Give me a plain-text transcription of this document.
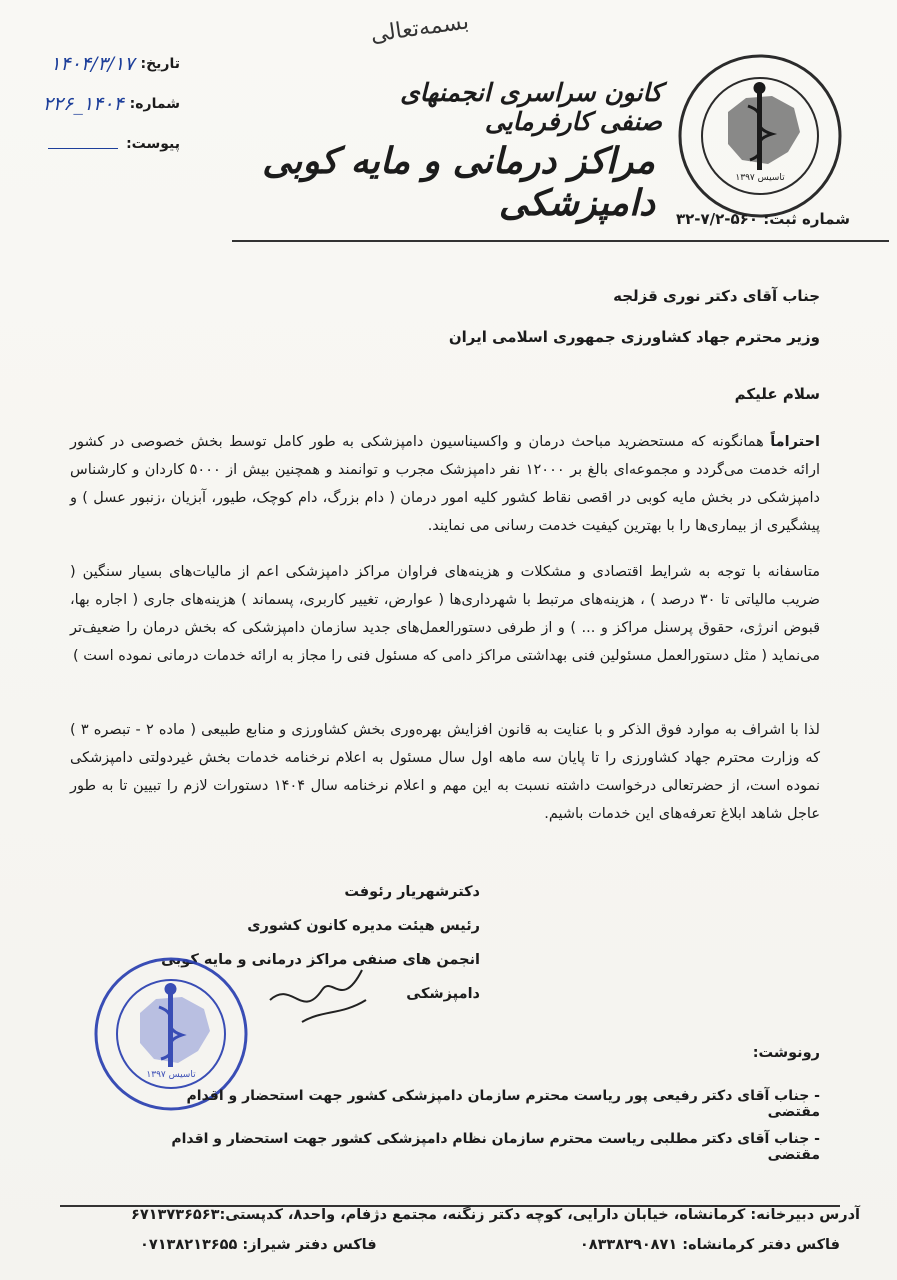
بسمه‌تعالی
تاسیس ۱۳۹۷
کانون سراسری انجمنهای صنفی کارفرمایی
مراکز درمانی و مایه کوبی دامپزشکی	شماره ثبت: ۵۶۰-۷/۲-۳۲
تاریخ:
۱۴۰۴/۳/۱۷
شماره:
۱۴۰۴_۲۲۶
پیوست:
جناب آقای دکتر نوری قزلجه
وزیر محترم جهاد کشاورزی جمهوری اسلامی ایران
سلام علیکم
احتراماً همانگونه که مستحضرید مباحث درمان و واکسیناسیون دامپزشکی به طور کامل توسط بخش خصوصی در کشور ارائه خدمت می‌گردد و مجموعه‌ای بالغ بر ۱۲۰۰۰ نفر دامپزشک مجرب و توانمند و همچنین بیش از ۵۰۰۰ کاردان و کارشناس دامپزشکی در بخش مایه کوبی در اقصی نقاط کشور کلیه امور درمان ( دام بزرگ، دام کوچک، طیور، آبزیان ،زنبور عسل ) و پیشگیری از بیماری‌ها را با بهترین کیفیت خدمت رسانی می نمایند.
متاسفانه با توجه به شرایط اقتصادی و مشکلات و هزینه‌های فراوان مراکز دامپزشکی اعم از مالیات‌های بسیار سنگین ( ضریب مالیاتی تا ۳۰ درصد ) ، هزینه‌های مرتبط با شهرداری‌ها ( عوارض، تغییر کاربری، پسماند ) هزینه‌های جاری ( اجاره بها، قبوض انرژی، حقوق پرسنل مراکز و ... ) و از طرفی دستورالعمل‌های جدید سازمان دامپزشکی که بخش درمان را ضعیف‌تر می‌نماید ( مثل دستورالعمل مسئولین فنی بهداشتی مراکز دامی که مسئول فنی را مجاز به ارائه خدمات درمانی نموده است )
لذا با اشراف به موارد فوق الذکر و با عنایت به قانون افزایش بهره‌وری بخش کشاورزی و منابع طبیعی ( ماده ۲ - تبصره ۳ ) که وزارت محترم جهاد کشاورزی را تا پایان سه ماهه اول سال مسئول به اعلام نرخنامه خدمات بخش غیردولتی دامپزشکی نموده است، از حضرتعالی درخواست داشته نسبت به این مهم و اعلام نرخنامه سال ۱۴۰۴ دستورات لازم را تبیین تا به طور عاجل شاهد ابلاغ تعرفه‌های این خدمات باشیم.
دکترشهریار رئوفت
رئیس هیئت مدیره کانون کشوری
انجمن های صنفی مراکز درمانی و مایه کوبی دامپزشکی
تاسیس ۱۳۹۷
رونوشت:
- جناب آقای دکتر رفیعی پور ریاست محترم سازمان دامپزشکی کشور جهت استحضار و اقدام مقتضی
- جناب آقای دکتر مطلبی ریاست محترم سازمان نظام دامپزشکی کشور جهت استحضار و اقدام مقتضی
آدرس دبیرخانه: کرمانشاه، خیابان دارایی، کوچه دکتر زنگنه، مجتمع دژفام، واحد۸، کدپستی:۶۷۱۳۷۳۶۵۶۳
فاکس دفتر کرمانشاه: ۰۸۳۳۸۳۹۰۸۷۱
فاکس دفتر شیراز: ۰۷۱۳۸۲۱۳۶۵۵
